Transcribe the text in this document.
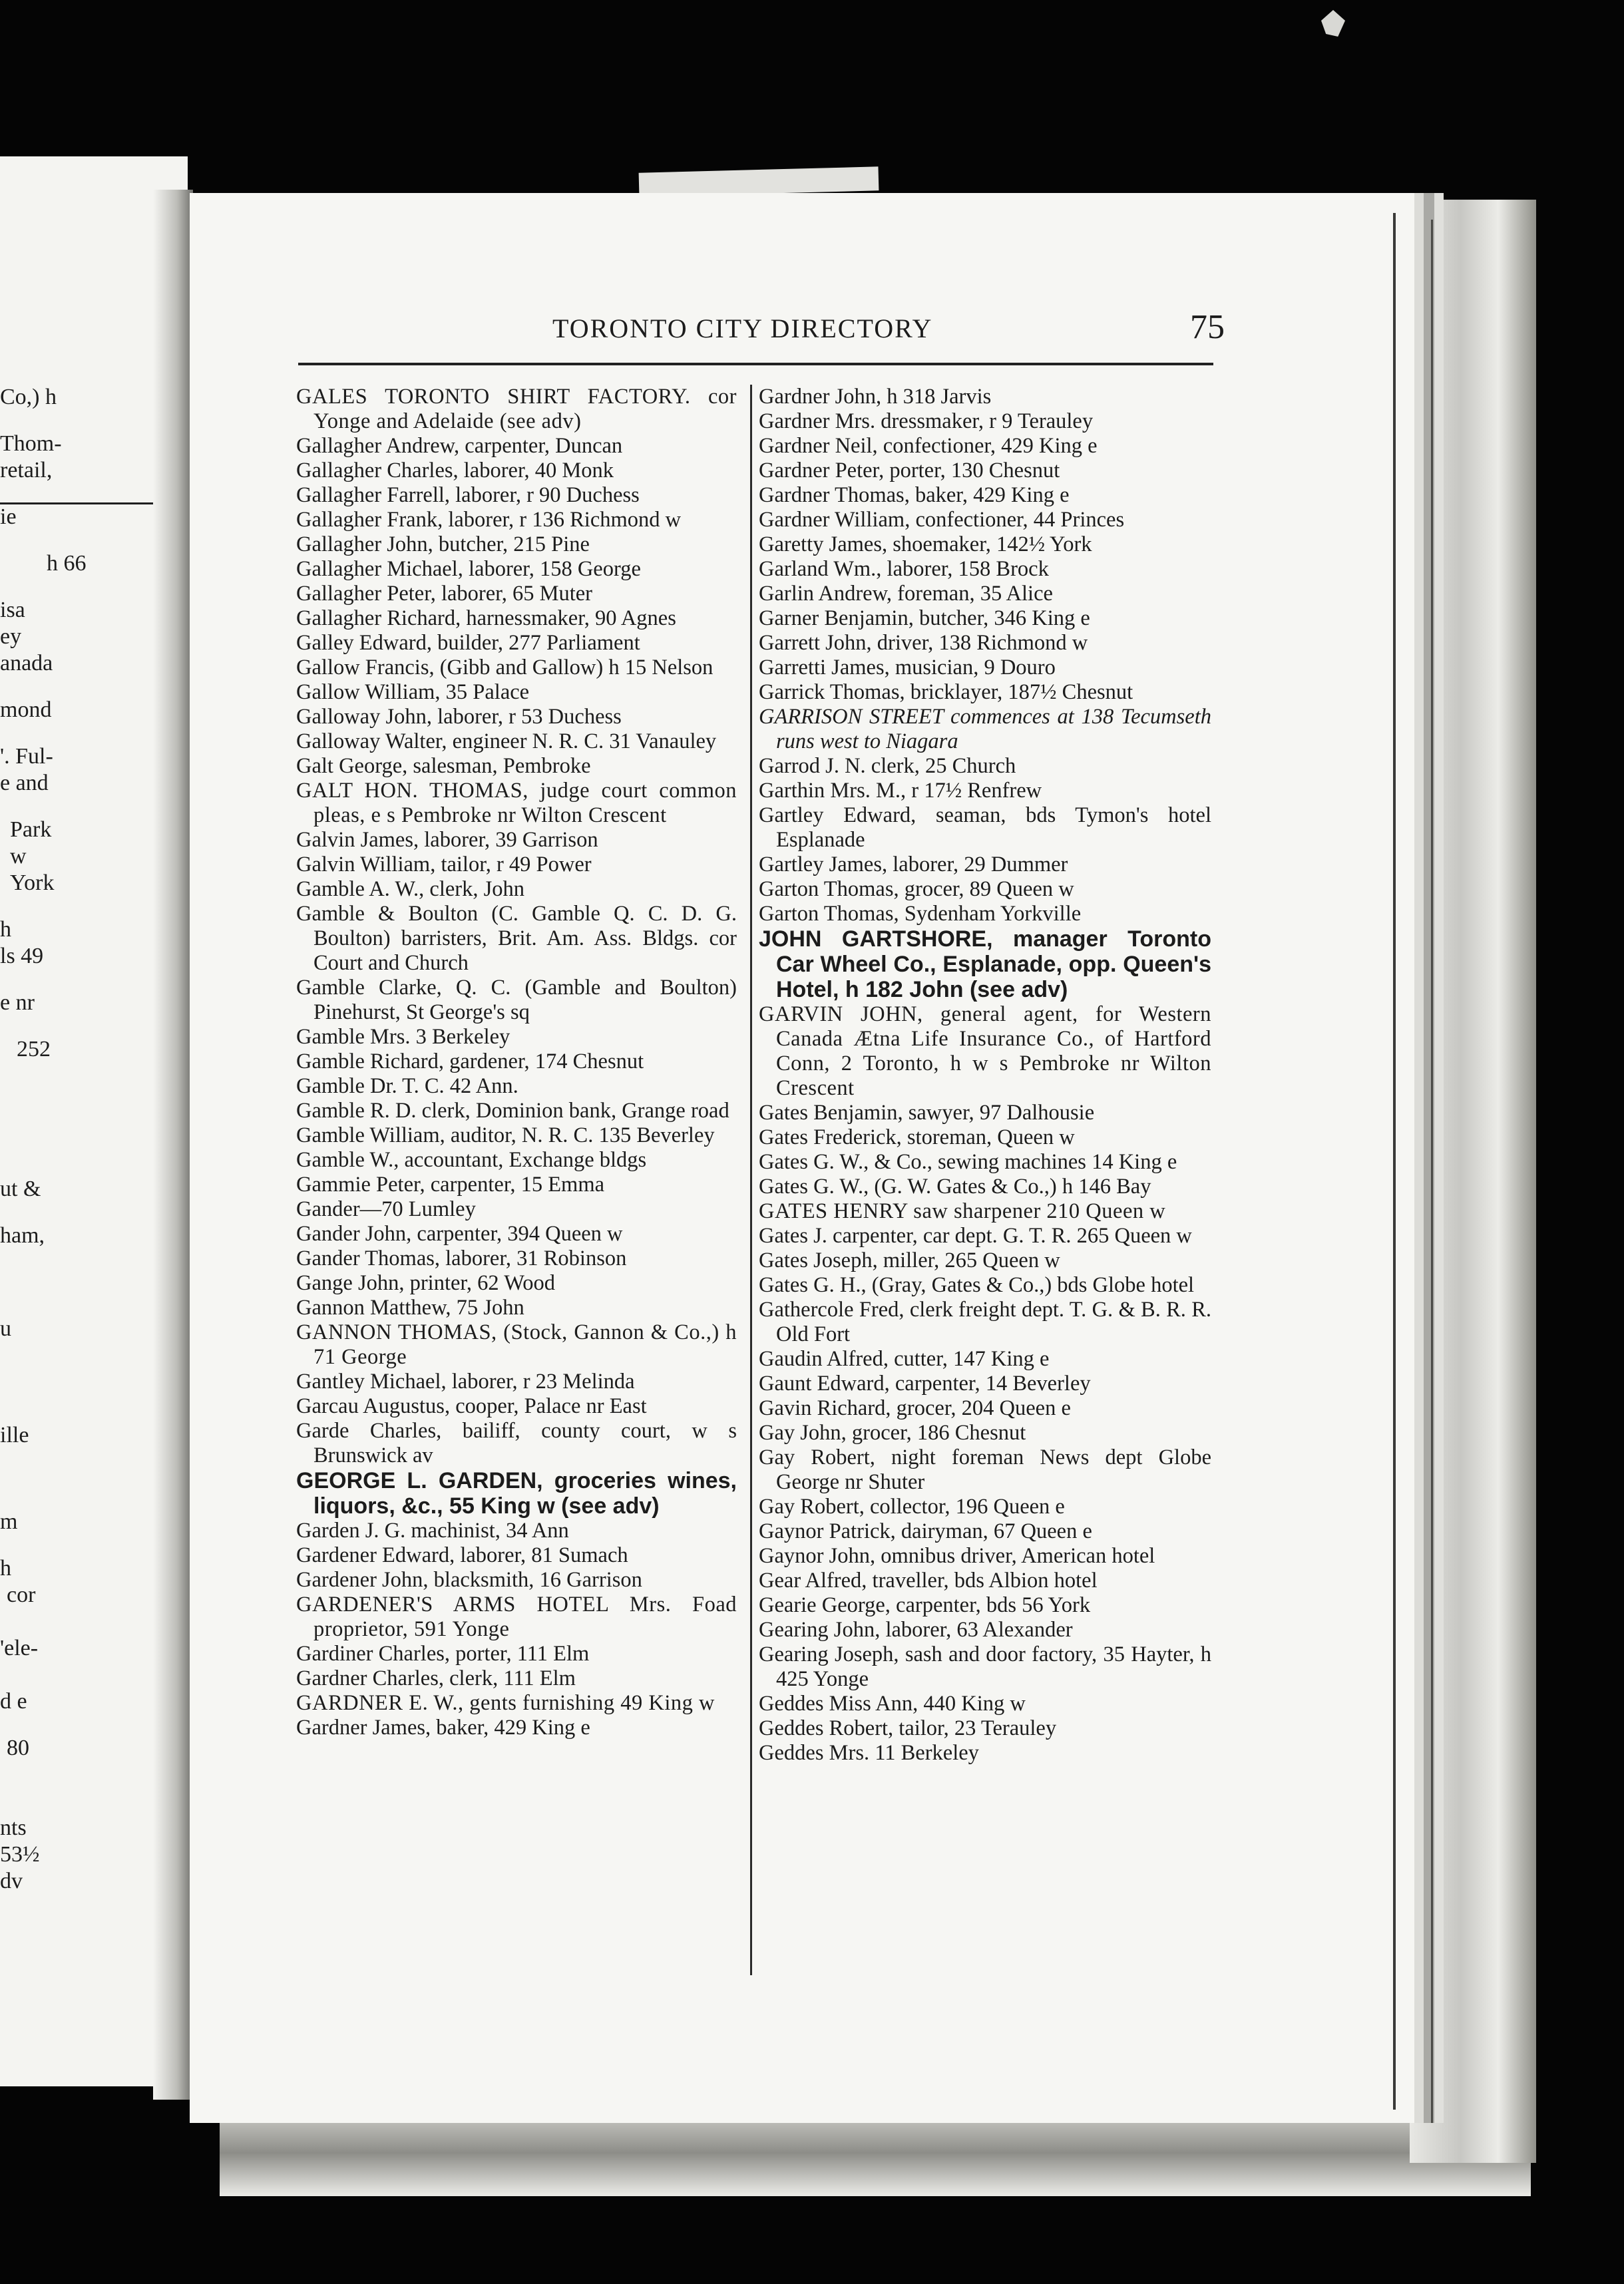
Co,) h
Thom-
retail,
ie
h 66
isa
ey
anada
mond
'. Ful-
e and
Park
w
York
h
ls 49
e nr
252
ut &
ham,
u
ille
m
h
cor
'ele-
d e
80
nts
53½
dv
TORONTO CITY DIRECTORY	75
GALES TORONTO SHIRT FACTORY. cor Yonge and Adelaide (see adv)
Gallagher Andrew, carpenter, Duncan
Gallagher Charles, laborer, 40 Monk
Gallagher Farrell, laborer, r 90 Duchess
Gallagher Frank, laborer, r 136 Richmond w
Gallagher John, butcher, 215 Pine
Gallagher Michael, laborer, 158 George
Gallagher Peter, laborer, 65 Muter
Gallagher Richard, harnessmaker, 90 Agnes
Galley Edward, builder, 277 Parliament
Gallow Francis, (Gibb and Gallow) h 15 Nelson
Gallow William, 35 Palace
Galloway John, laborer, r 53 Duchess
Galloway Walter, engineer N. R. C. 31 Vanauley
Galt George, salesman, Pembroke
GALT HON. THOMAS, judge court common pleas, e s Pembroke nr Wilton Crescent
Galvin James, laborer, 39 Garrison
Galvin William, tailor, r 49 Power
Gamble A. W., clerk, John
Gamble & Boulton (C. Gamble Q. C. D. G. Boulton) barristers, Brit. Am. Ass. Bldgs. cor Court and Church
Gamble Clarke, Q. C. (Gamble and Boulton) Pinehurst, St George's sq
Gamble Mrs. 3 Berkeley
Gamble Richard, gardener, 174 Chesnut
Gamble Dr. T. C. 42 Ann.
Gamble R. D. clerk, Dominion bank, Grange road
Gamble William, auditor, N. R. C. 135 Beverley
Gamble W., accountant, Exchange bldgs
Gammie Peter, carpenter, 15 Emma
Gander—70 Lumley
Gander John, carpenter, 394 Queen w
Gander Thomas, laborer, 31 Robinson
Gange John, printer, 62 Wood
Gannon Matthew, 75 John
GANNON THOMAS, (Stock, Gannon & Co.,) h 71 George
Gantley Michael, laborer, r 23 Melinda
Garcau Augustus, cooper, Palace nr East
Garde Charles, bailiff, county court, w s Brunswick av
GEORGE L. GARDEN, groceries wines, liquors, &c., 55 King w (see adv)
Garden J. G. machinist, 34 Ann
Gardener Edward, laborer, 81 Sumach
Gardener John, blacksmith, 16 Garrison
GARDENER'S ARMS HOTEL Mrs. Foad proprietor, 591 Yonge
Gardiner Charles, porter, 111 Elm
Gardner Charles, clerk, 111 Elm
GARDNER E. W., gents furnishing 49 King w
Gardner James, baker, 429 King e
Gardner John, h 318 Jarvis
Gardner Mrs. dressmaker, r 9 Terauley
Gardner Neil, confectioner, 429 King e
Gardner Peter, porter, 130 Chesnut
Gardner Thomas, baker, 429 King e
Gardner William, confectioner, 44 Princes
Garetty James, shoemaker, 142½ York
Garland Wm., laborer, 158 Brock
Garlin Andrew, foreman, 35 Alice
Garner Benjamin, butcher, 346 King e
Garrett John, driver, 138 Richmond w
Garretti James, musician, 9 Douro
Garrick Thomas, bricklayer, 187½ Chesnut
GARRISON STREET commences at 138 Tecumseth runs west to Niagara
Garrod J. N. clerk, 25 Church
Garthin Mrs. M., r 17½ Renfrew
Gartley Edward, seaman, bds Tymon's hotel Esplanade
Gartley James, laborer, 29 Dummer
Garton Thomas, grocer, 89 Queen w
Garton Thomas, Sydenham Yorkville
JOHN GARTSHORE, manager Toronto Car Wheel Co., Esplanade, opp. Queen's Hotel, h 182 John (see adv)
GARVIN JOHN, general agent, for Western Canada Ætna Life Insurance Co., of Hartford Conn, 2 Toronto, h w s Pembroke nr Wilton Crescent
Gates Benjamin, sawyer, 97 Dalhousie
Gates Frederick, storeman, Queen w
Gates G. W., & Co., sewing machines 14 King e
Gates G. W., (G. W. Gates & Co.,) h 146 Bay
GATES HENRY saw sharpener 210 Queen w
Gates J. carpenter, car dept. G. T. R. 265 Queen w
Gates Joseph, miller, 265 Queen w
Gates G. H., (Gray, Gates & Co.,) bds Globe hotel
Gathercole Fred, clerk freight dept. T. G. & B. R. R. Old Fort
Gaudin Alfred, cutter, 147 King e
Gaunt Edward, carpenter, 14 Beverley
Gavin Richard, grocer, 204 Queen e
Gay John, grocer, 186 Chesnut
Gay Robert, night foreman News dept Globe George nr Shuter
Gay Robert, collector, 196 Queen e
Gaynor Patrick, dairyman, 67 Queen e
Gaynor John, omnibus driver, American hotel
Gear Alfred, traveller, bds Albion hotel
Gearie George, carpenter, bds 56 York
Gearing John, laborer, 63 Alexander
Gearing Joseph, sash and door factory, 35 Hayter, h 425 Yonge
Geddes Miss Ann, 440 King w
Geddes Robert, tailor, 23 Terauley
Geddes Mrs. 11 Berkeley
